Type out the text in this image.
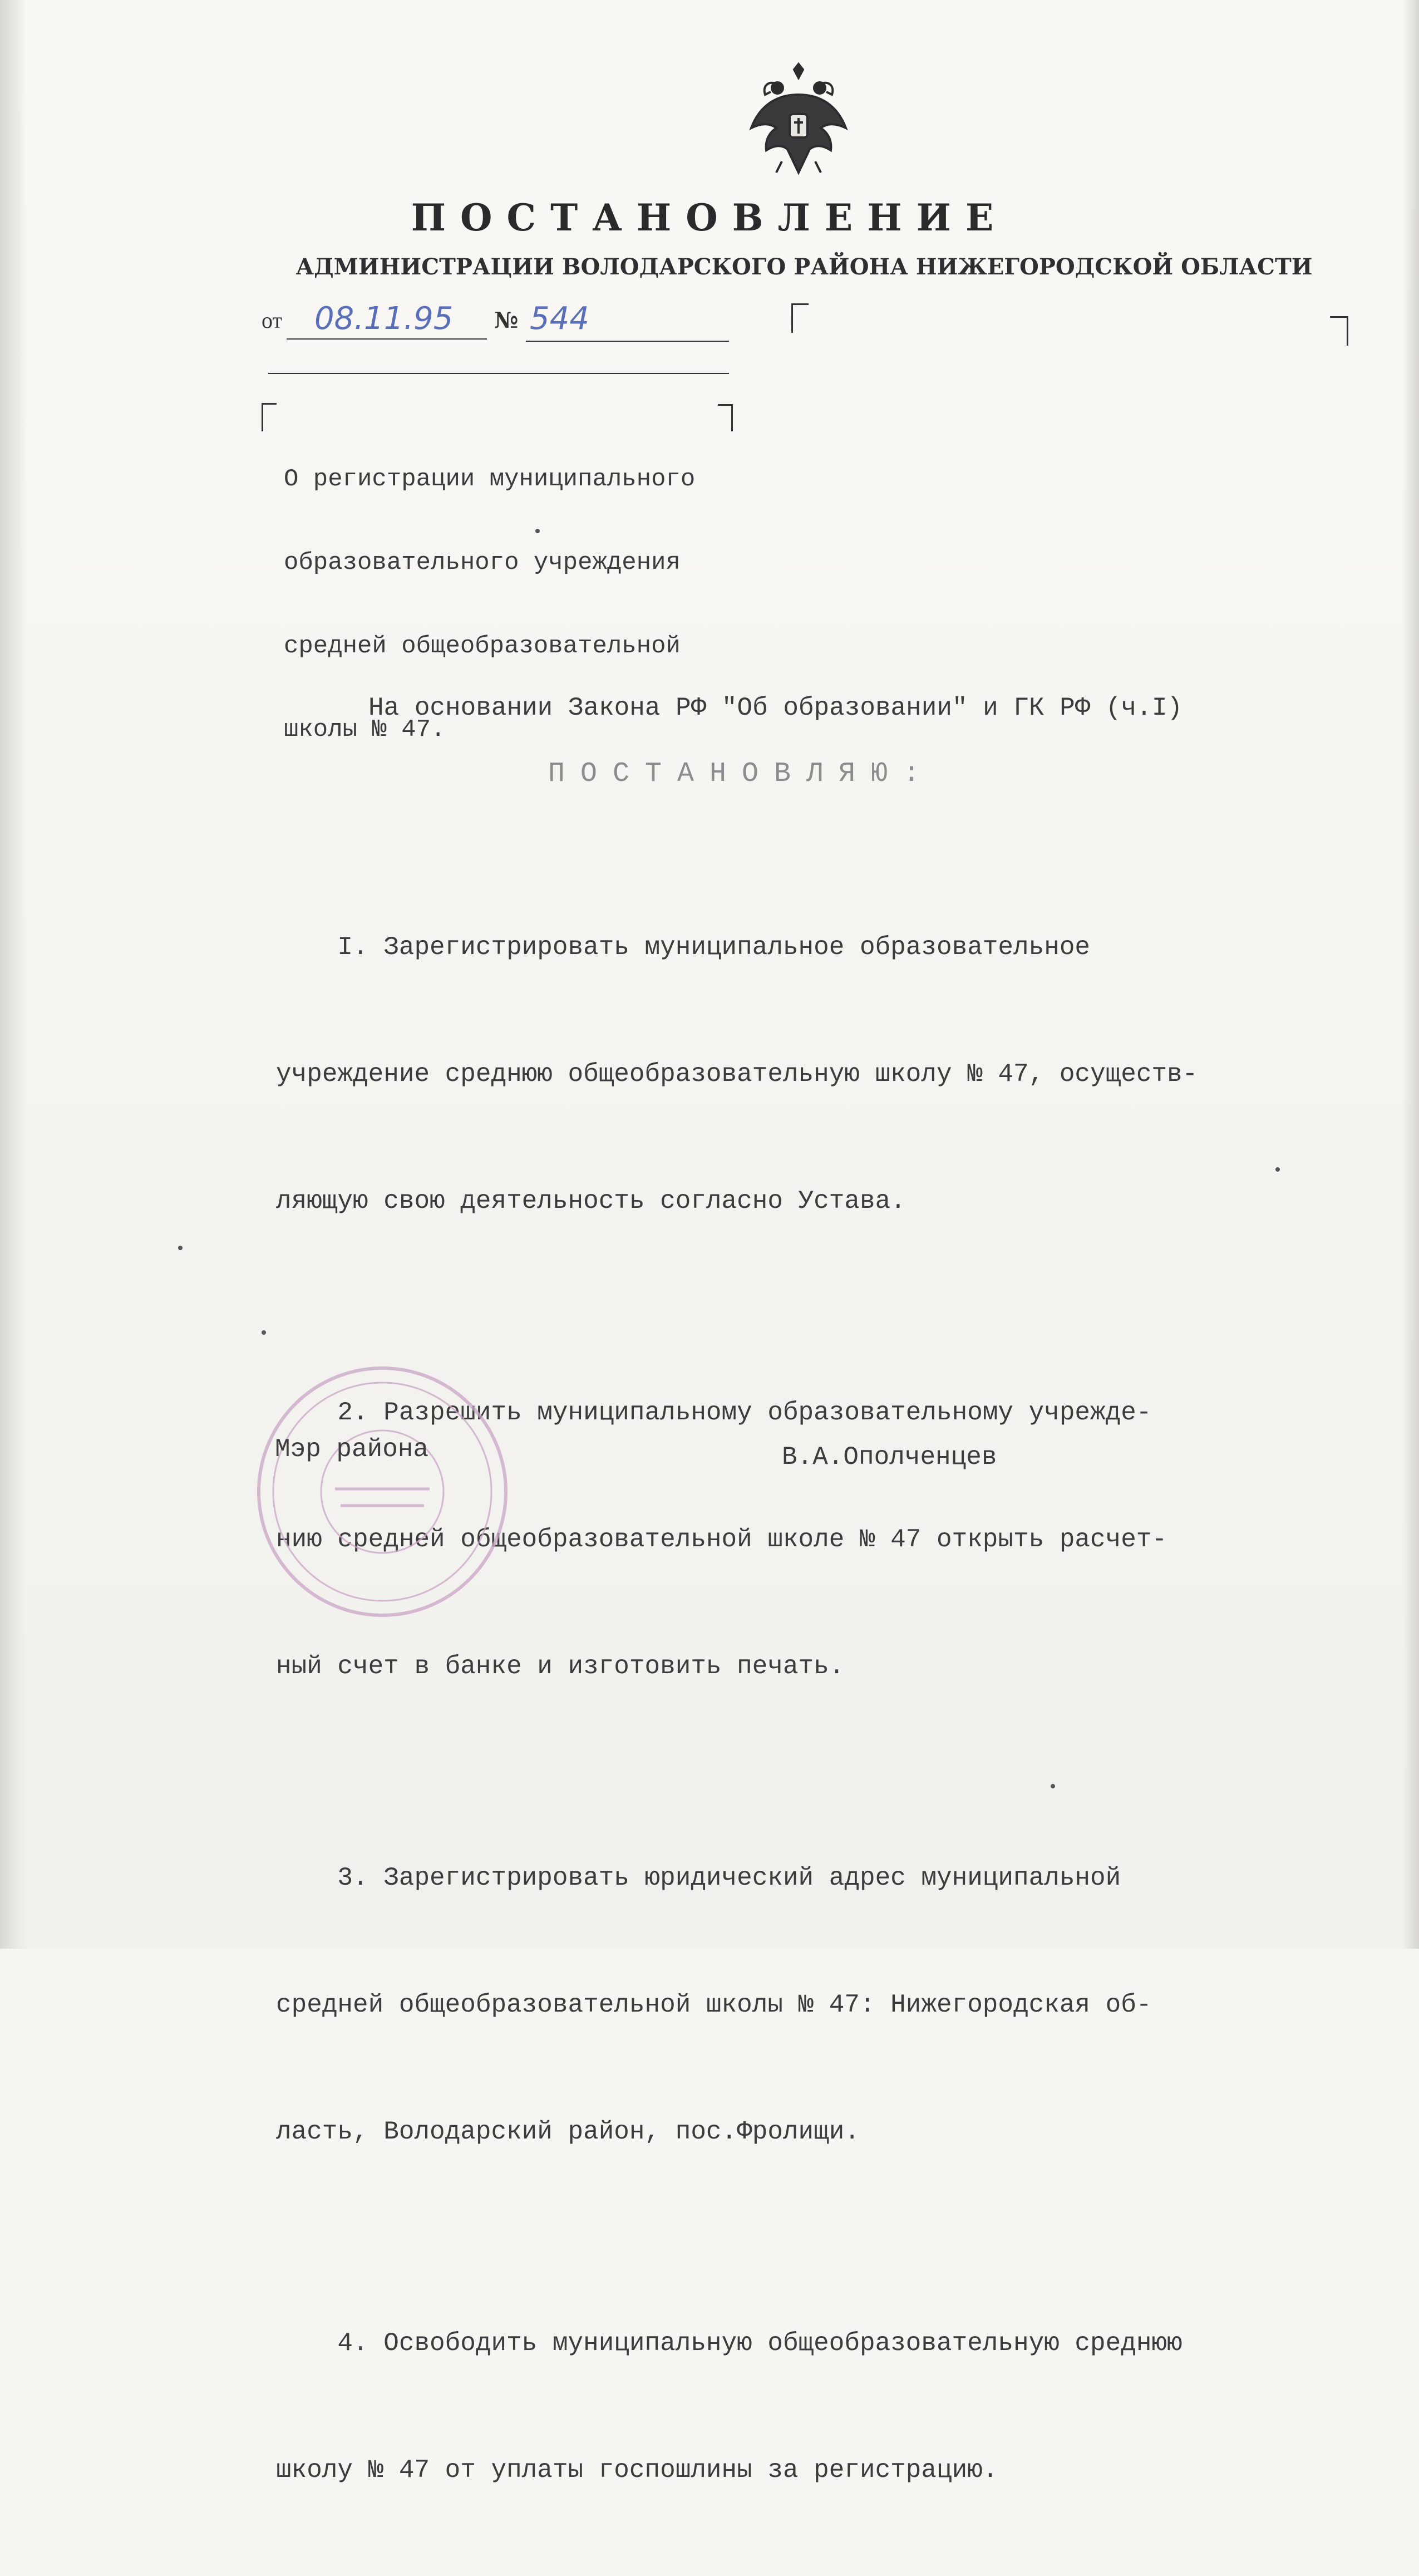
ПОСТАНОВЛЕНИЕ
АДМИНИСТРАЦИИ ВОЛОДАРСКОГО РАЙОНА НИЖЕГОРОДСКОЙ ОБЛАСТИ
от 08.11.95 № 544

О регистрации муниципального

образовательного учреждения

средней общеобразовательной

школы № 47.

На основании Закона РФ "Об образовании" и ГК РФ (ч.I)
ПОСТАНОВЛЯЮ:

I. Зарегистрировать муниципальное образовательное

учреждение среднюю общеобразовательную школу № 47, осуществ-

ляющую свою деятельность согласно Устава.

2. Разрешить муниципальному образовательному учрежде-

нию средней общеобразовательной школе № 47 открыть расчет-

ный счет в банке и изготовить печать.

3. Зарегистрировать юридический адрес муниципальной

средней общеобразовательной школы № 47: Нижегородская об-

ласть, Володарский район, пос.Фролищи.

4. Освободить муниципальную общеобразовательную среднюю

школу № 47 от уплаты госпошлины за регистрацию.

Мэр района	В.А.Ополченцев
